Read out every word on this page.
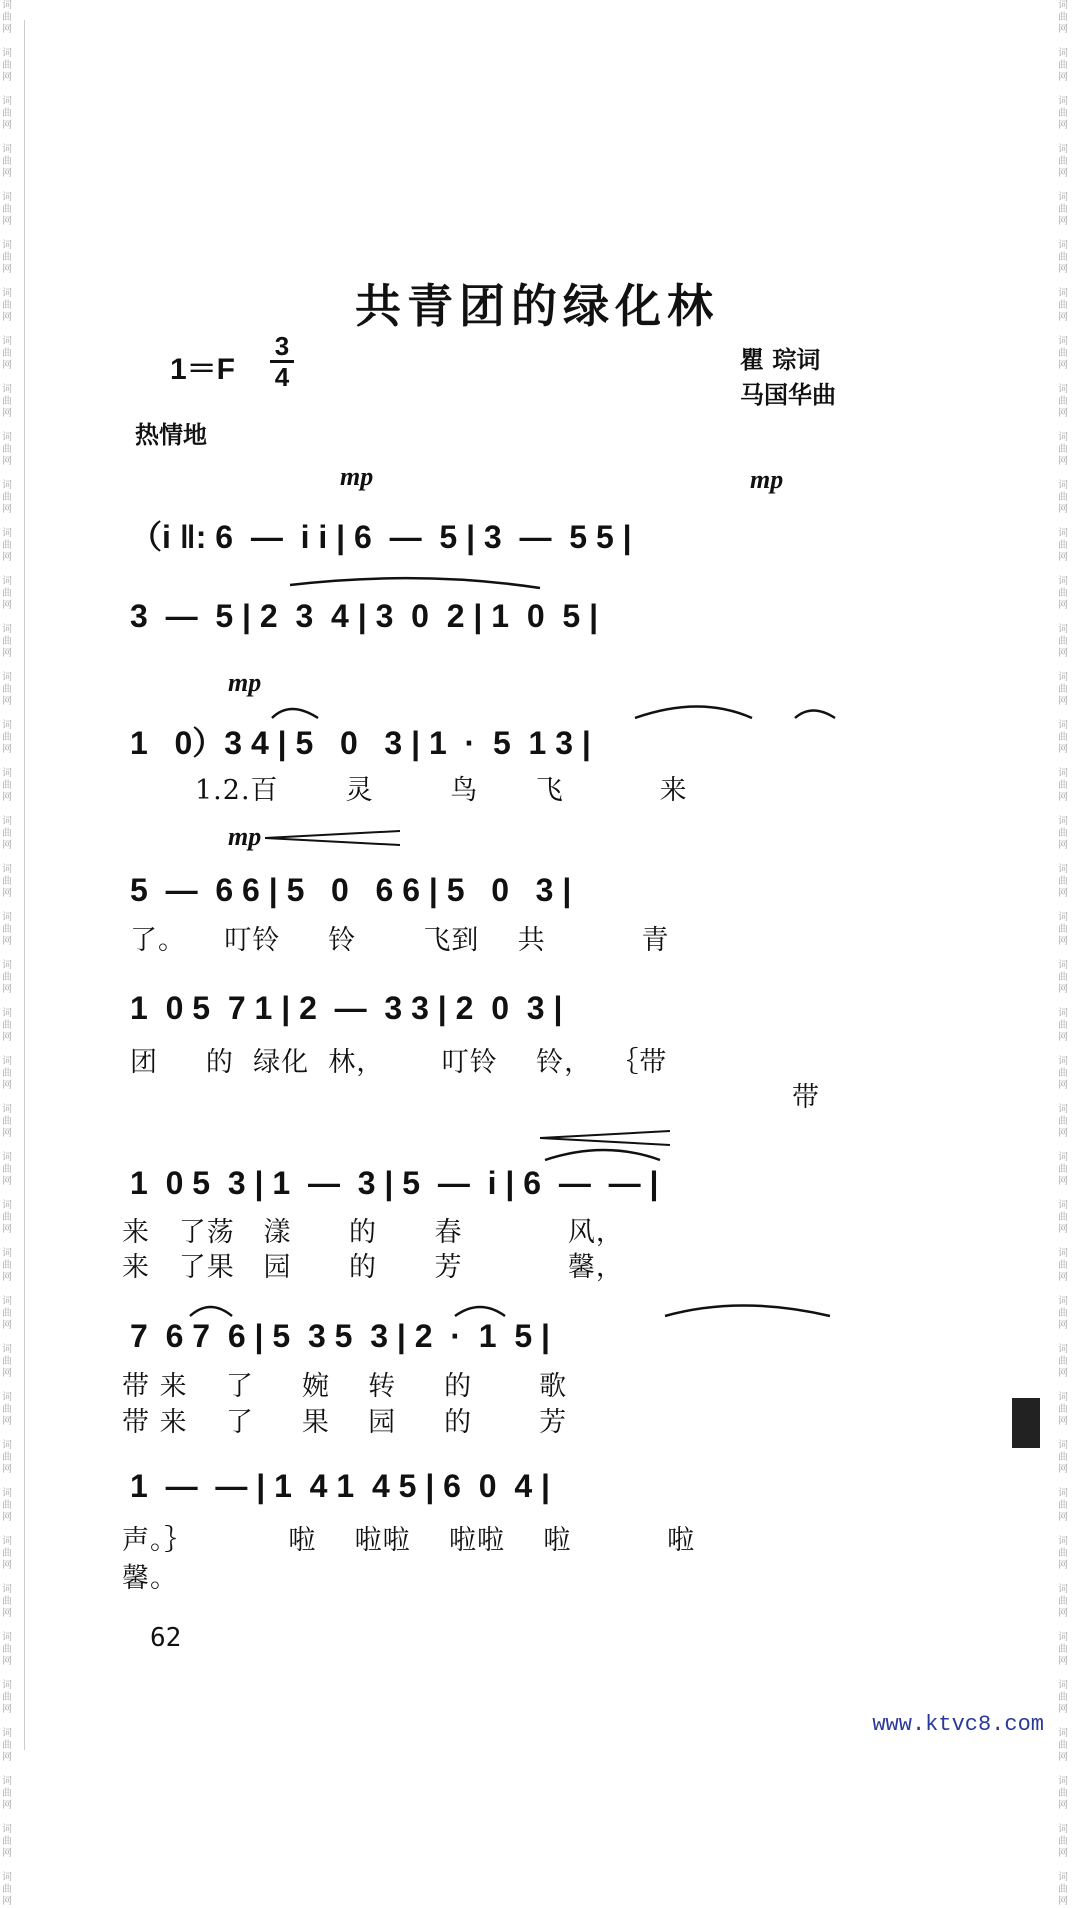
词
曲
网

词
曲
网

词
曲
网

词
曲
网

词
曲
网

词
曲
网

词
曲
网

词
曲
网

词
曲
网

词
曲
网

词
曲
网

词
曲
网

词
曲
网

词
曲
网

词
曲
网

词
曲
网

词
曲
网

词
曲
网

词
曲
网

词
曲
网

词
曲
网

词
曲
网

词
曲
网

词
曲
网

词
曲
网

词
曲
网

词
曲
网

词
曲
网

词
曲
网

词
曲
网

词
曲
网

词
曲
网

词
曲
网

词
曲
网

词
曲
网

词
曲
网

词
曲
网

词
曲
网

词
曲
网

词
曲
网

词
曲
网

词
曲
网

词
曲
网

词
曲
网

词
曲
网

词
曲
网

词
曲
网

词
曲
网

词
曲
网

词
曲
网

词
曲
网

词
曲
网

词
曲
网

词
曲
网

词
曲
网

词
曲
网

词
曲
网

词
曲
网

词
曲
网

词
曲
网

词
曲
网

词
曲
网

词
曲
网

词
曲
网

词
曲
网

词
曲
网

词
曲
网

词
曲
网

词
曲
网

词
曲
网

词
曲
网

词
曲
网

词
曲
网

词
曲
网

词
曲
网

词
曲
网

词
曲
网

词
曲
网

词
曲
网

词
曲
网

共青团的绿化林
1＝F
3
4
瞿 琮词
马国华曲
热情地
mp	mp
mp
mp
（i ‖: 6  —  i i | 6  —  5 | 3  —  5 5 |
3  —  5 | 2  3  4 | 3  0  2 | 1  0  5 |
1   0）3 4 | 5   0   3 | 1  ·  5  1 3 |
1.2.百       灵        鸟      飞          来
5  —  6 6 | 5   0   6 6 | 5   0   3 |
了。    叮铃     铃       飞到    共          青
1  0 5  7 1 | 2  —  3 3 | 2  0  3 |
团     的  绿化  林，      叮铃    铃，  ｛带
带
1  0 5  3 | 1  —  3 | 5  —  i | 6  —  — |
来   了荡   漾      的      春           风，
来   了果   园      的      芳           馨，
7  6 7  6 | 5  3 5  3 | 2  ·  1  5 |
带 来    了     婉    转     的       歌
带 来    了     果    园     的       芳
1  —  — | 1  4 1  4 5 | 6  0  4 |
声。｝          啦    啦啦    啦啦    啦          啦
馨。
62
www.ktvc8.com
